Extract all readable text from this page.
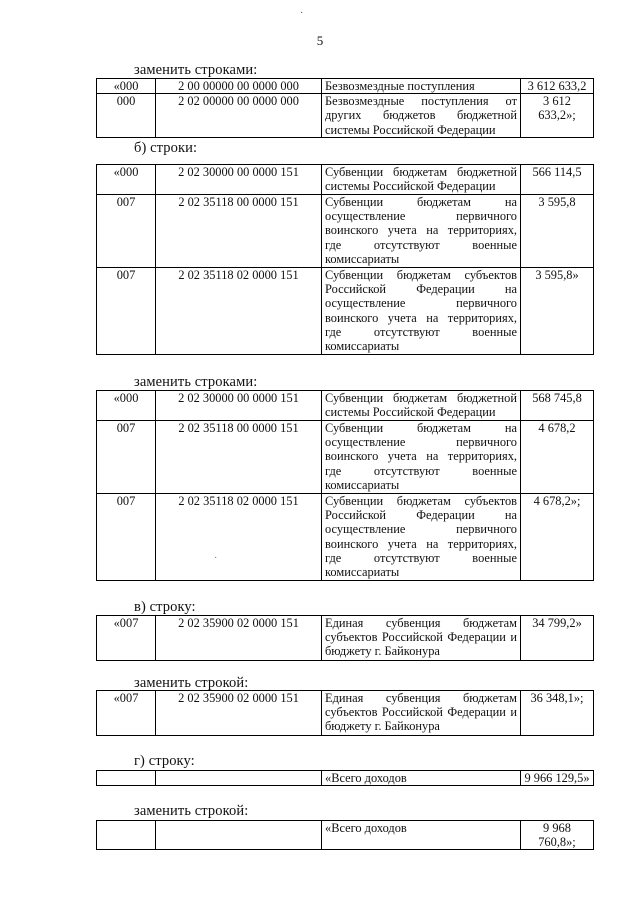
·
5
заменить строками:
«000	2 00 00000 00 0000 000	Безвозмездные поступления	3 612 633,2
000	2 02 00000 00 0000 000	Безвозмездные поступления от других бюджетов бюджетной системы Российской Федерации	3 612 633,2»;
б) строки:
«000	2 02 30000 00 0000 151	Субвенции бюджетам бюджетной системы Российской Федерации	566 114,5
007	2 02 35118 00 0000 151	Субвенции бюджетам на осуществление первичного воинского учета на территориях, где отсутствуют военные комиссариаты	3 595,8
007	2 02 35118 02 0000 151	Субвенции бюджетам субъектов Российской Федерации на осуществление первичного воинского учета на территориях, где отсутствуют военные комиссариаты	3 595,8»
заменить строками:
«000	2 02 30000 00 0000 151	Субвенции бюджетам бюджетной системы Российской Федерации	568 745,8
007	2 02 35118 00 0000 151	Субвенции бюджетам на осуществление первичного воинского учета на территориях, где отсутствуют военные комиссариаты	4 678,2
007	2 02 35118 02 0000 151	Субвенции бюджетам субъектов Российской Федерации на осуществление первичного воинского учета на территориях, где отсутствуют военные комиссариаты	4 678,2»;
·
в) строку:
«007	2 02 35900 02 0000 151	Единая субвенция бюджетам субъектов Российской Федерации и бюджету г. Байконура	34 799,2»
заменить строкой:
«007	2 02 35900 02 0000 151	Единая субвенция бюджетам субъектов Российской Федерации и бюджету г. Байконура	36 348,1»;
г) строку:
		«Всего доходов	9 966 129,5»
заменить строкой:
		«Всего доходов	9 968 760,8»;
